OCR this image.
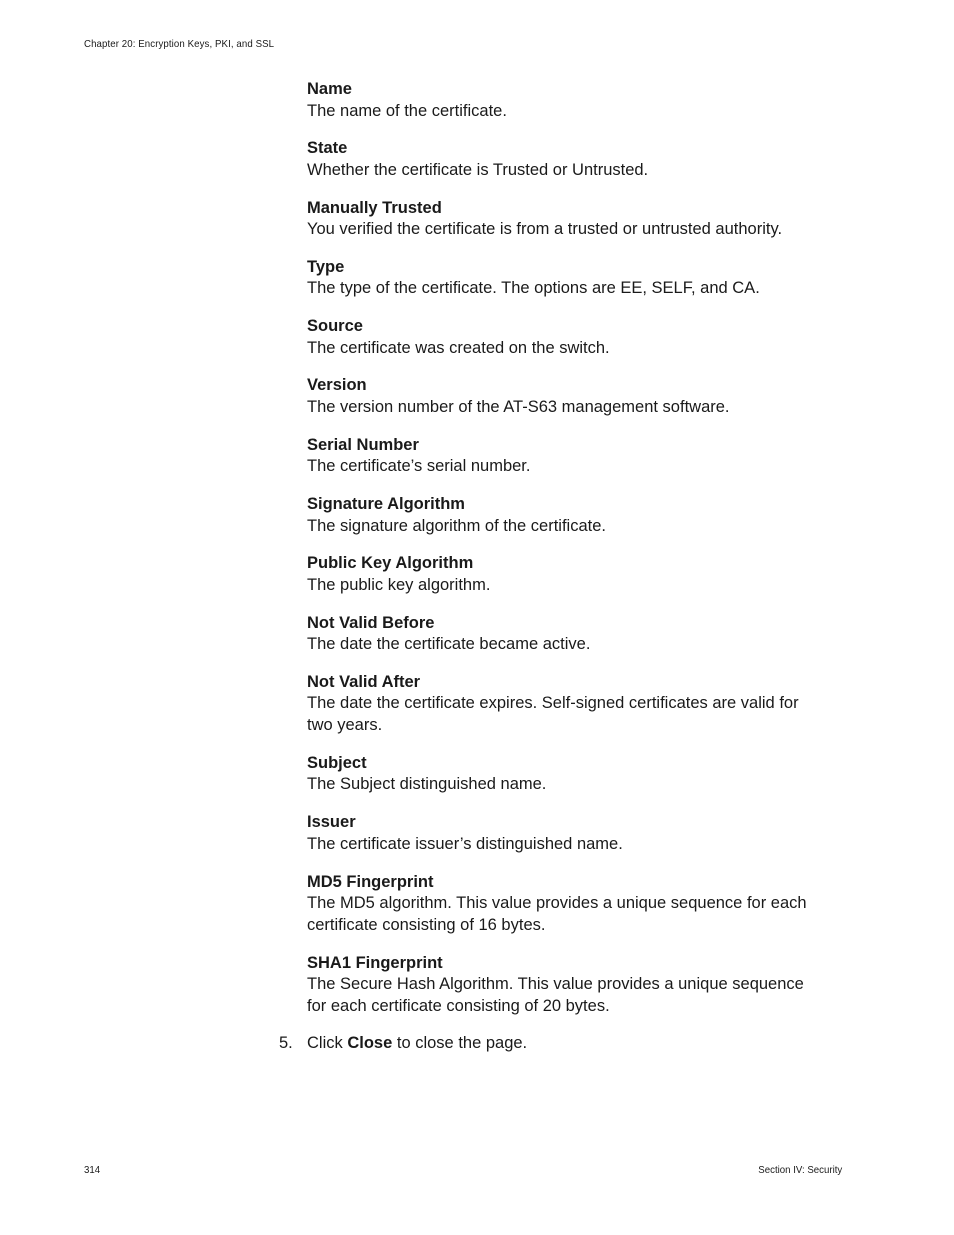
Chapter 20: Encryption Keys, PKI, and SSL
Name
The name of the certificate.
State
Whether the certificate is Trusted or Untrusted.
Manually Trusted
You verified the certificate is from a trusted or untrusted authority.
Type
The type of the certificate. The options are EE, SELF, and CA.
Source
The certificate was created on the switch.
Version
The version number of the AT-S63 management software.
Serial Number
The certificate’s serial number.
Signature Algorithm
The signature algorithm of the certificate.
Public Key Algorithm
The public key algorithm.
Not Valid Before
The date the certificate became active.
Not Valid After
The date the certificate expires. Self-signed certificates are valid for two years.
Subject
The Subject distinguished name.
Issuer
The certificate issuer’s distinguished name.
MD5 Fingerprint
The MD5 algorithm. This value provides a unique sequence for each certificate consisting of 16 bytes.
SHA1 Fingerprint
The Secure Hash Algorithm. This value provides a unique sequence for each certificate consisting of 20 bytes.
5. Click Close to close the page.
314	Section IV: Security
